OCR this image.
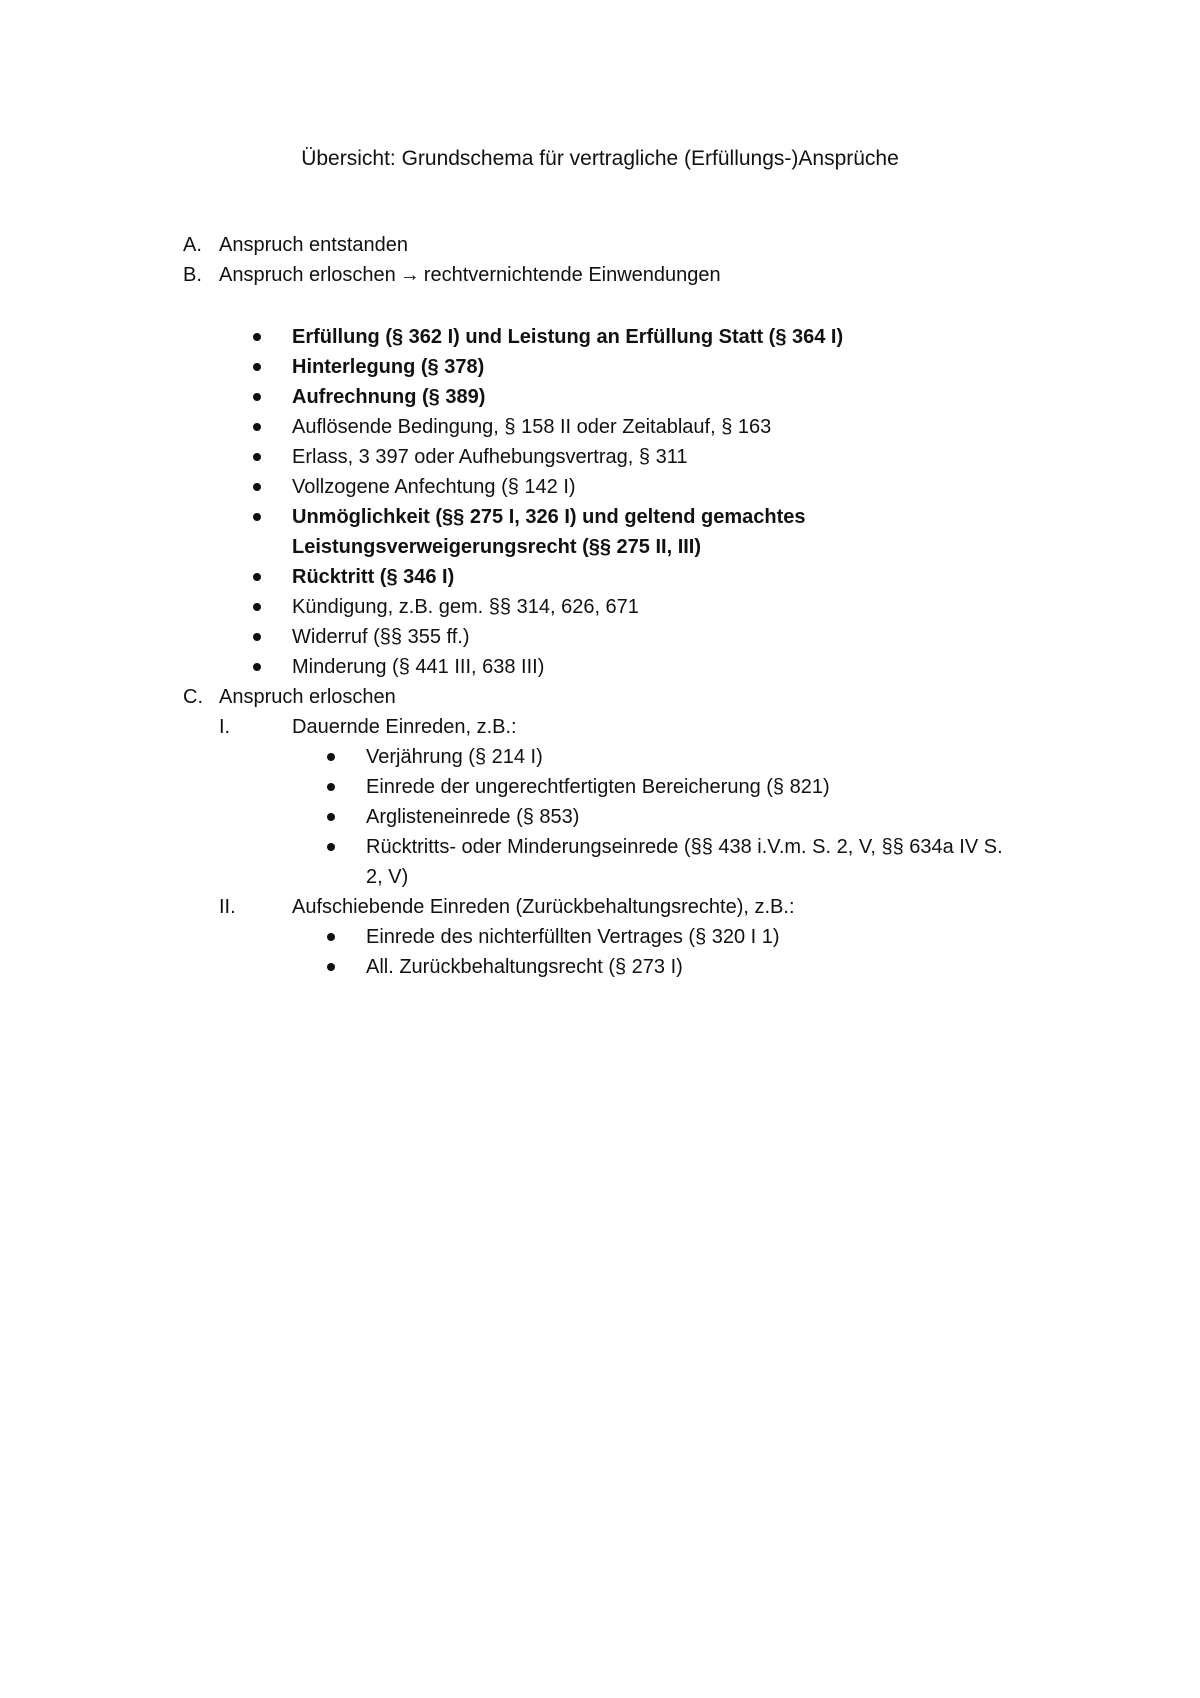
Übersicht: Grundschema für vertragliche (Erfüllungs-)Ansprüche
A. Anspruch entstanden
B. Anspruch erloschen → rechtvernichtende Einwendungen
Erfüllung (§ 362 I) und Leistung an Erfüllung Statt (§ 364 I)
Hinterlegung (§ 378)
Aufrechnung (§ 389)
Auflösende Bedingung, § 158 II oder Zeitablauf, § 163
Erlass, 3 397 oder Aufhebungsvertrag, § 311
Vollzogene Anfechtung (§ 142 I)
Unmöglichkeit (§§ 275 I, 326 I) und geltend gemachtes
Leistungsverweigerungsrecht (§§ 275 II, III)
Rücktritt (§ 346 I)
Kündigung, z.B. gem. §§ 314, 626, 671
Widerruf (§§ 355 ff.)
Minderung (§ 441 III, 638 III)
C. Anspruch erloschen
I.	Dauernde Einreden, z.B.:
Verjährung (§ 214 I)
Einrede der ungerechtfertigten Bereicherung (§ 821)
Arglisteneinrede (§ 853)
Rücktritts- oder Minderungseinrede (§§ 438 i.V.m. S. 2, V, §§ 634a IV S.
2, V)
II.	Aufschiebende Einreden (Zurückbehaltungsrechte), z.B.:
Einrede des nichterfüllten Vertrages (§ 320 I 1)
All. Zurückbehaltungsrecht (§ 273 I)
